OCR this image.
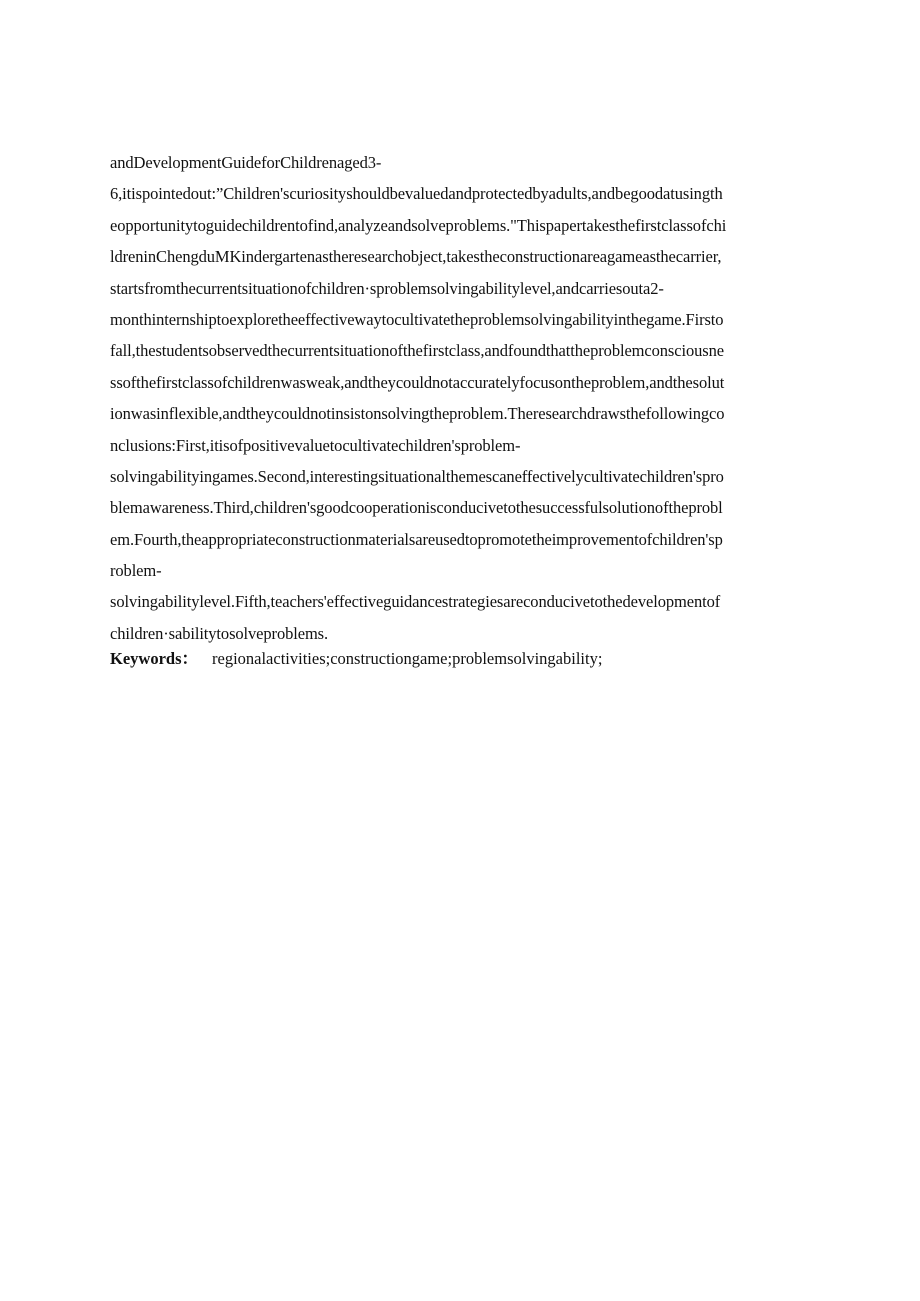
andDevelopmentGuideforChildrenaged3-
6,itispointedout:”Children'scuriosityshouldbevaluedandprotectedbyadults,andbegoodatusingth
eopportunitytoguidechildrentofind,analyzeandsolveproblems."Thispapertakesthefirstclassofchi
ldreninChengduMKindergartenastheresearchobject,takestheconstructionareagameasthecarrier,
startsfromthecurrentsituationofchildren·sproblemsolvingabilitylevel,andcarriesouta2-
monthinternshiptoexploretheeffectivewaytocultivatetheproblemsolvingabilityinthegame.Firsto
fall,thestudentsobservedthecurrentsituationofthefirstclass,andfoundthattheproblemconsciousne
ssofthefirstclassofchildrenwasweak,andtheycouldnotaccuratelyfocusontheproblem,andthesolut
ionwasinflexible,andtheycouldnotinsistonsolvingtheproblem.Theresearchdrawsthefollowingco
nclusions:First,itisofpositivevaluetocultivatechildren'sproblem-
solvingabilityingames.Second,interestingsituationalthemescaneffectivelycultivatechildren'spro
blemawareness.Third,children'sgoodcooperationisconducivetothesuccessfulsolutionoftheprobl
em.Fourth,theappropriateconstructionmaterialsareusedtopromotetheimprovementofchildren'sp
roblem-
solvingabilitylevel.Fifth,teachers'effectiveguidancestrategiesareconducivetothedevelopmentof
children·sabilitytosolveproblems.
Keywords： regionalactivities;constructiongame;problemsolvingability;
